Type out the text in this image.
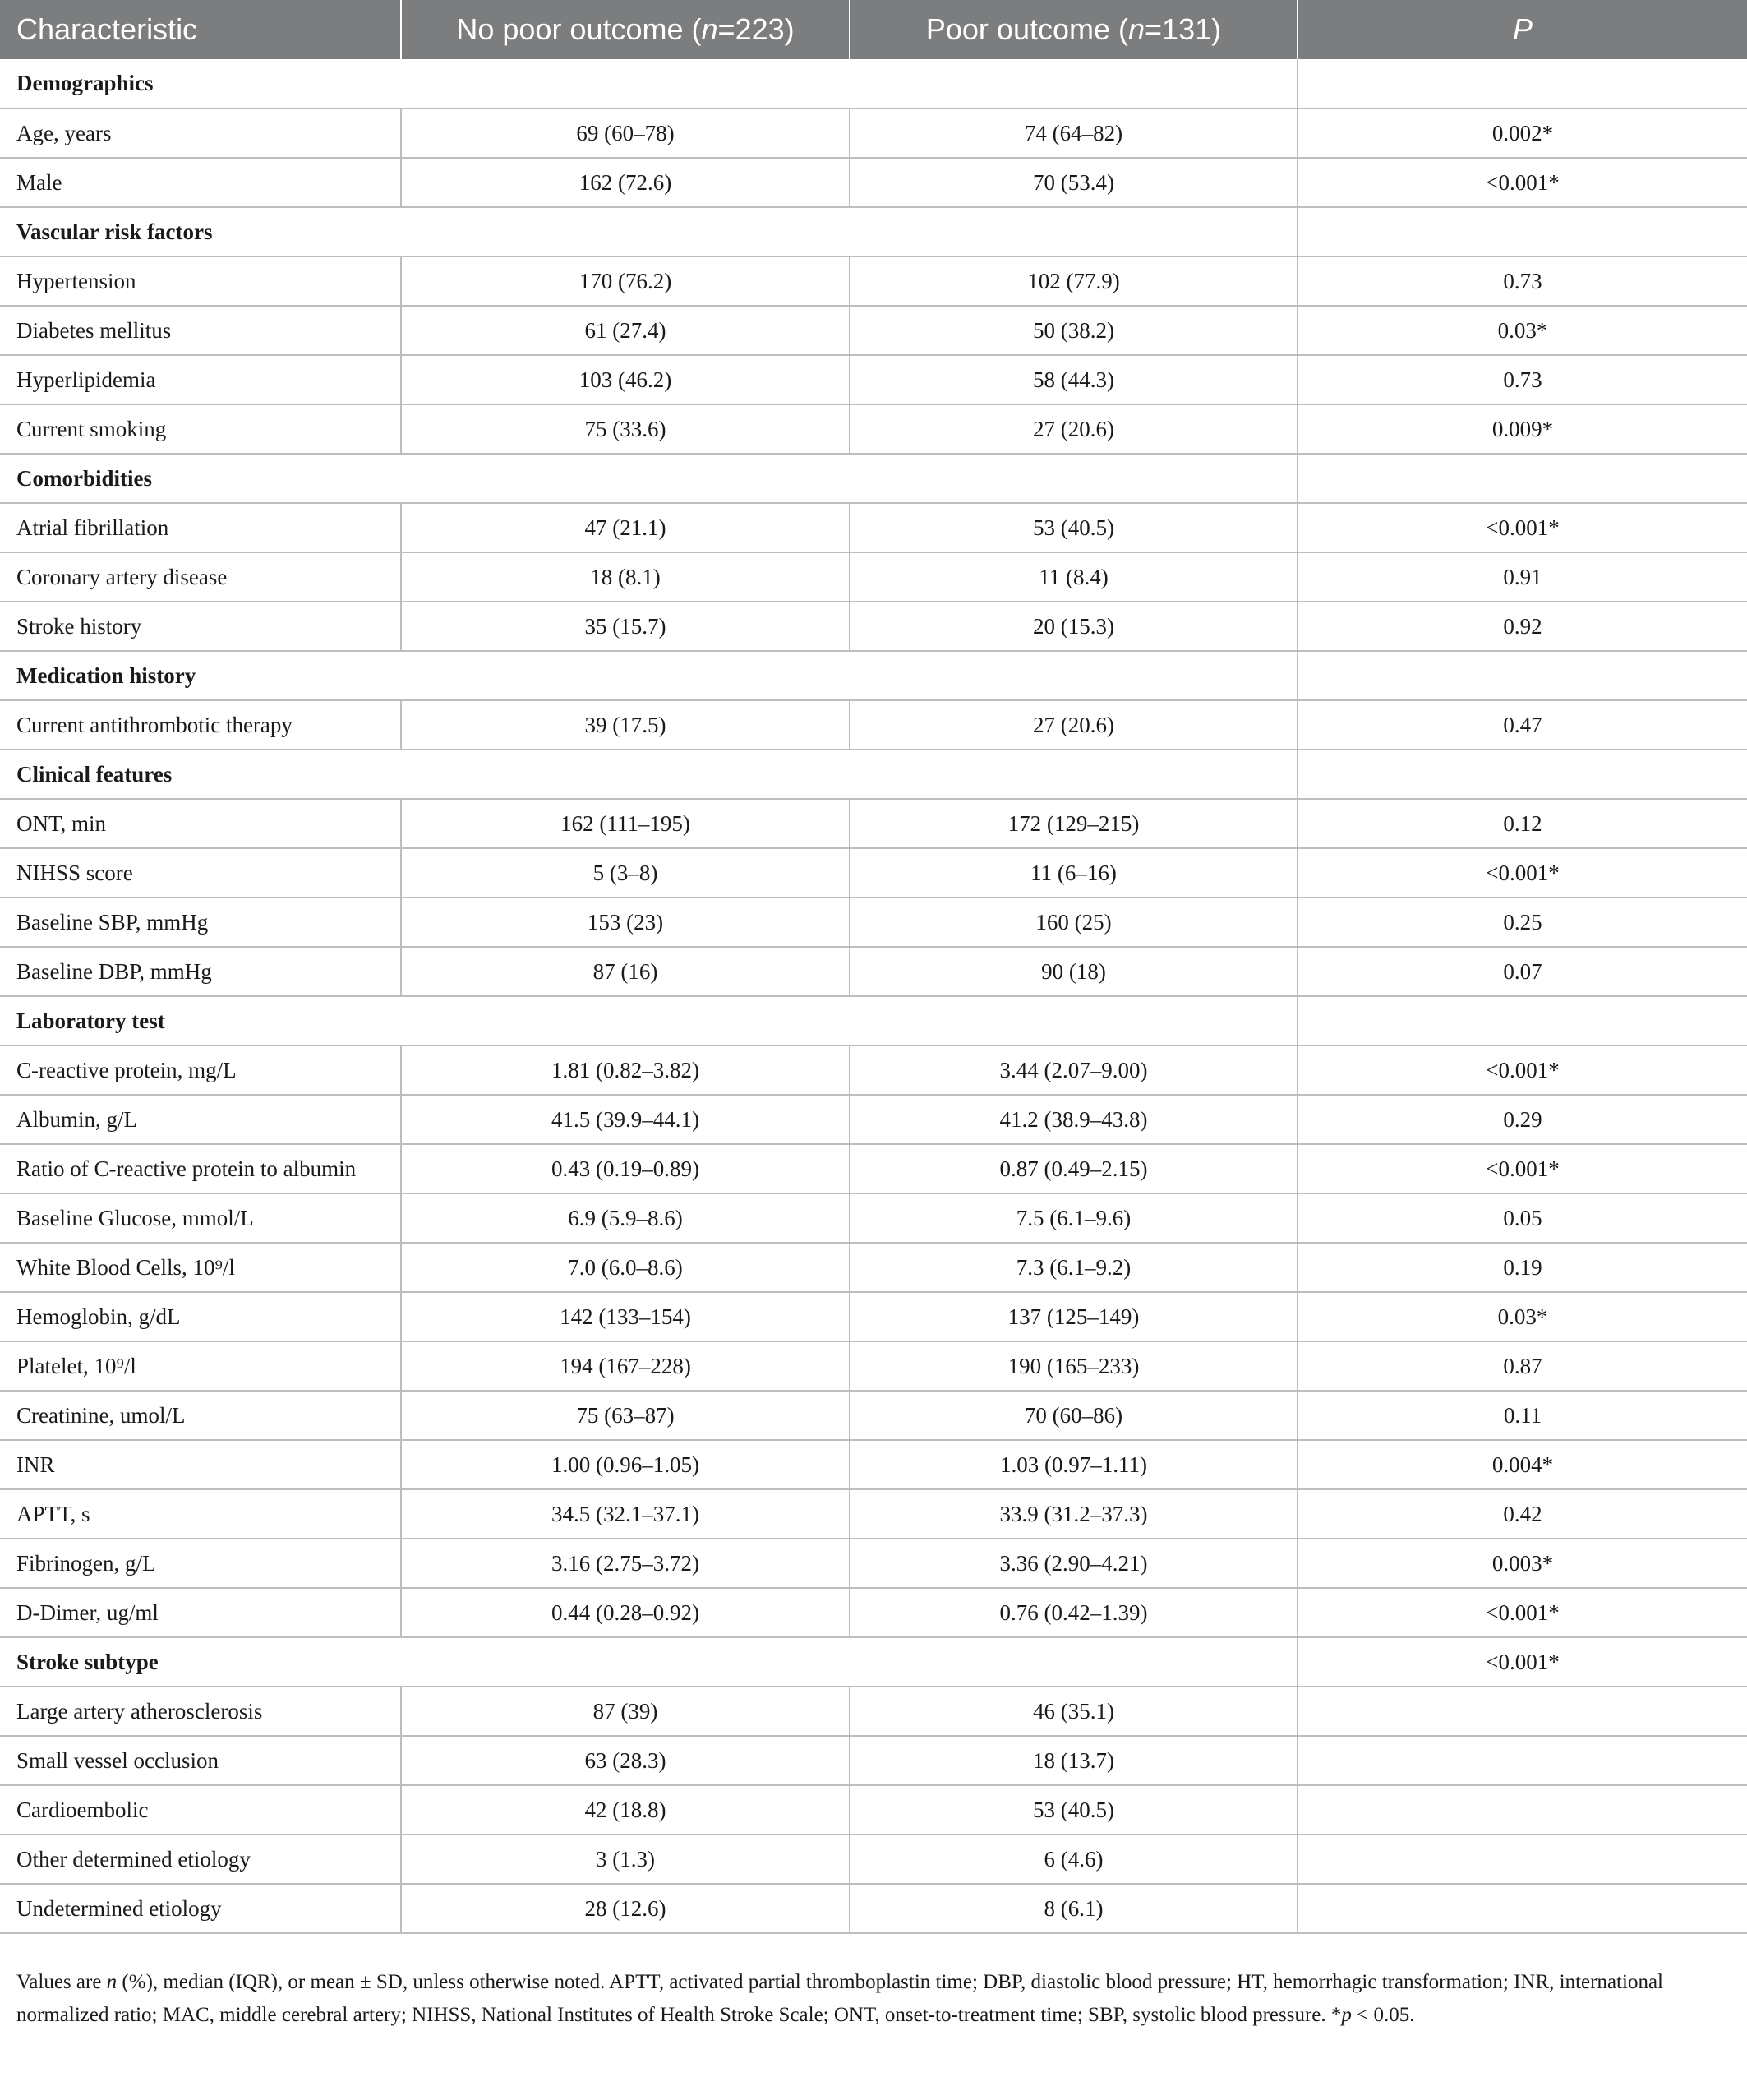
Characteristic	No poor outcome (n=223)	Poor outcome (n=131)	P
Demographics			
Age, years	69 (60–78)	74 (64–82)	0.002*
Male	162 (72.6)	70 (53.4)	<0.001*
Vascular risk factors			
Hypertension	170 (76.2)	102 (77.9)	0.73
Diabetes mellitus	61 (27.4)	50 (38.2)	0.03*
Hyperlipidemia	103 (46.2)	58 (44.3)	0.73
Current smoking	75 (33.6)	27 (20.6)	0.009*
Comorbidities			
Atrial fibrillation	47 (21.1)	53 (40.5)	<0.001*
Coronary artery disease	18 (8.1)	11 (8.4)	0.91
Stroke history	35 (15.7)	20 (15.3)	0.92
Medication history			
Current antithrombotic therapy	39 (17.5)	27 (20.6)	0.47
Clinical features			
ONT, min	162 (111–195)	172 (129–215)	0.12
NIHSS score	5 (3–8)	11 (6–16)	<0.001*
Baseline SBP, mmHg	153 (23)	160 (25)	0.25
Baseline DBP, mmHg	87 (16)	90 (18)	0.07
Laboratory test			
C-reactive protein, mg/L	1.81 (0.82–3.82)	3.44 (2.07–9.00)	<0.001*
Albumin, g/L	41.5 (39.9–44.1)	41.2 (38.9–43.8)	0.29
Ratio of C-reactive protein to albumin	0.43 (0.19–0.89)	0.87 (0.49–2.15)	<0.001*
Baseline Glucose, mmol/L	6.9 (5.9–8.6)	7.5 (6.1–9.6)	0.05
White Blood Cells, 10⁹/l	7.0 (6.0–8.6)	7.3 (6.1–9.2)	0.19
Hemoglobin, g/dL	142 (133–154)	137 (125–149)	0.03*
Platelet, 10⁹/l	194 (167–228)	190 (165–233)	0.87
Creatinine, umol/L	75 (63–87)	70 (60–86)	0.11
INR	1.00 (0.96–1.05)	1.03 (0.97–1.11)	0.004*
APTT, s	34.5 (32.1–37.1)	33.9 (31.2–37.3)	0.42
Fibrinogen, g/L	3.16 (2.75–3.72)	3.36 (2.90–4.21)	0.003*
D-Dimer, ug/ml	0.44 (0.28–0.92)	0.76 (0.42–1.39)	<0.001*
Stroke subtype			<0.001*
Large artery atherosclerosis	87 (39)	46 (35.1)	
Small vessel occlusion	63 (28.3)	18 (13.7)	
Cardioembolic	42 (18.8)	53 (40.5)	
Other determined etiology	3 (1.3)	6 (4.6)	
Undetermined etiology	28 (12.6)	8 (6.1)	
Values are n (%), median (IQR), or mean ± SD, unless otherwise noted. APTT, activated partial thromboplastin time; DBP, diastolic blood pressure; HT, hemorrhagic transformation; INR, international normalized ratio; MAC, middle cerebral artery; NIHSS, National Institutes of Health Stroke Scale; ONT, onset-to-treatment time; SBP, systolic blood pressure. *p < 0.05.
